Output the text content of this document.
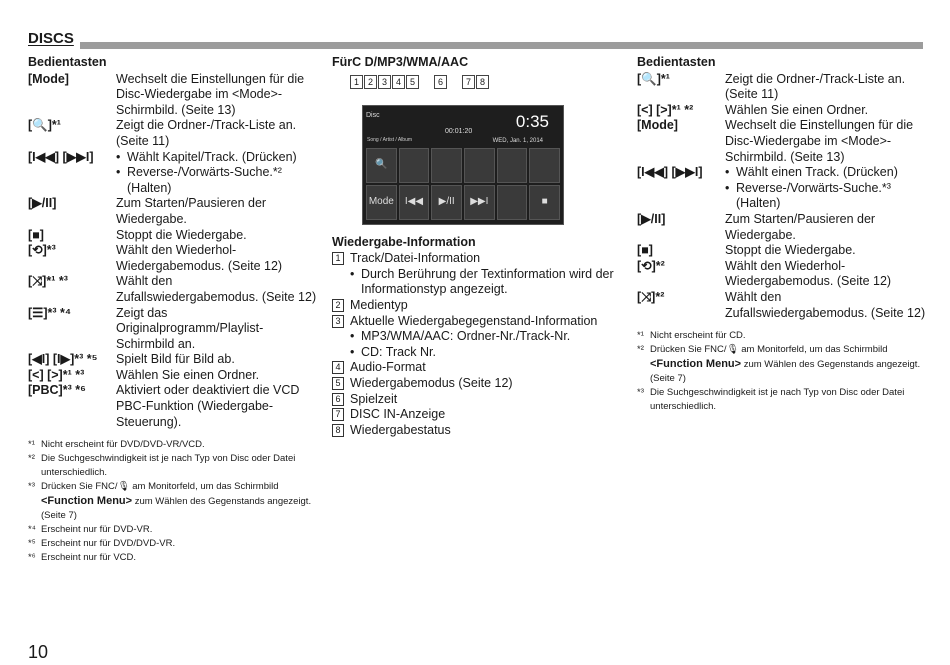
DISCS
Bedientasten
[Mode]	Wechselt die Einstellungen für die Disc-Wiedergabe im <Mode>-Schirmbild. (Seite 13)
[🔍]*¹	Zeigt die Ordner-/Track-Liste an. (Seite 11)
[I◀◀] [▶▶I]	• Wählt Kapitel/Track. (Drücken)
• Reverse-/Vorwärts-Suche.*² (Halten)
[▶/II]	Zum Starten/Pausieren der Wiedergabe.
[■]	Stoppt die Wiedergabe.
[⟲]*³	Wählt den Wiederhol-Wiedergabemodus. (Seite 12)
[⤨]*¹ *³	Wählt den Zufallswiedergabemodus. (Seite 12)
[☰]*³ *⁴	Zeigt das Originalprogramm/Playlist-Schirmbild an.
[◀I] [I▶]*³ *⁵	Spielt Bild für Bild ab.
[<] [>]*¹ *³	Wählen Sie einen Ordner.
[PBC]*³ *⁶	Aktiviert oder deaktiviert die VCD PBC-Funktion (Wiedergabe-Steuerung).
*¹ Nicht erscheint für DVD/DVD-VR/VCD.
*² Die Suchgeschwindigkeit ist je nach Typ von Disc oder Datei unterschiedlich.
*³ Drücken Sie FNC/🎙 am Monitorfeld, um das Schirmbild <Function Menu> zum Wählen des Gegenstands angezeigt. (Seite 7)
*⁴ Erscheint nur für DVD-VR.
*⁵ Erscheint nur für DVD/DVD-VR.
*⁶ Erscheint nur für VCD.
FürC D/MP3/WMA/AAC
1 2 3 4 5	6	7 8
Disc
00:01:20
0:35
WED, Jan. 1, 2014
Song / Artist / Album
🔍
Mode I◀◀ ▶/II ▶▶I	■
Wiedergabe-Information
1 Track/Datei-Information
• Durch Berührung der Textinformation wird der Informationstyp angezeigt.
2 Medientyp
3 Aktuelle Wiedergabegegenstand-Information
• MP3/WMA/AAC: Ordner-Nr./Track-Nr.
• CD: Track Nr.
4 Audio-Format
5 Wiedergabemodus (Seite 12)
6 Spielzeit
7 DISC IN-Anzeige
8 Wiedergabestatus
Bedientasten
[🔍]*¹	Zeigt die Ordner-/Track-Liste an. (Seite 11)
[<] [>]*¹ *²	Wählen Sie einen Ordner.
[Mode]	Wechselt die Einstellungen für die Disc-Wiedergabe im <Mode>-Schirmbild. (Seite 13)
[I◀◀] [▶▶I]	• Wählt einen Track. (Drücken)
• Reverse-/Vorwärts-Suche.*³ (Halten)
[▶/II]	Zum Starten/Pausieren der Wiedergabe.
[■]	Stoppt die Wiedergabe.
[⟲]*²	Wählt den Wiederhol-Wiedergabemodus. (Seite 12)
[⤨]*²	Wählt den Zufallswiedergabemodus. (Seite 12)
*¹ Nicht erscheint für CD.
*² Drücken Sie FNC/🎙 am Monitorfeld, um das Schirmbild <Function Menu> zum Wählen des Gegenstands angezeigt. (Seite 7)
*³ Die Suchgeschwindigkeit ist je nach Typ von Disc oder Datei unterschiedlich.
10
